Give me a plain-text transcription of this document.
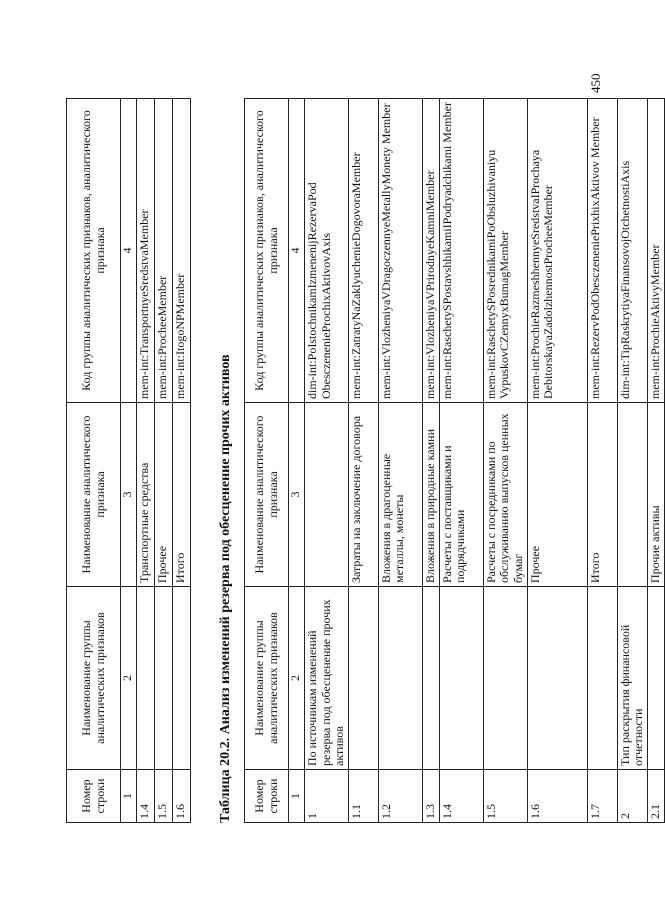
Номер строки	Наименование группы аналитических признаков	Наименование аналитического признака	Код группы аналитических признаков, аналитического признака
1	2	3	4
1.4		Транспортные средства	mem-int:TransportnyeSredstvaMember
1.5		Прочее	mem-int:ProcheeMember
1.6		Итого	mem-int:ItogoNPMember
Таблица 20.2. Анализ изменений резерва под обесценение прочих активов Номер строки	Наименование группы аналитических признаков	Наименование аналитического признака	Код группы аналитических признаков, аналитического признака
1	2	3	4
1	По источникам изменений резерва под обесценение прочих активов		dim-int:PoIstochnikamIzmenenijRezervaPod ObesczenenieProchixAktivovAxis
1.1		Затраты на заключение договора	mem-int:ZatratyNaZaklyuchenieDogovoraMember
1.2		Вложения в драгоценные металлы, монеты	mem-int:VlozheniyaVDragoczennyeMetallyMonety Member
1.3		Вложения в природные камни	mem-int:VlozheniyaVPrirodnyeKamniMember
1.4		Расчеты с поставщиками и подрядчиками	mem-int:RaschetySPostavshhikamiIPodryadchikami Member
1.5		Расчеты с посредниками по обслуживанию выпусков ценных бумаг	mem-int:RaschetySPosrednikamiPoObsluzhivaniyu VypuskovCZennyxBumagMember
1.6		Прочее	mem-int:ProchieRazmeshhennyeSredstvaIProchaya DebitorskayaZadolzhennostProcheeMember
1.7		Итого	mem-int:RezervPodObesczeneniePrixhixAktivov Member
2	Тип раскрытия финансовой отчетности		dim-int:TipRaskrytiyaFinansovojOtchetnostiAxis
2.1		Прочие активы	mem-int:ProchieAktivyMember
450
